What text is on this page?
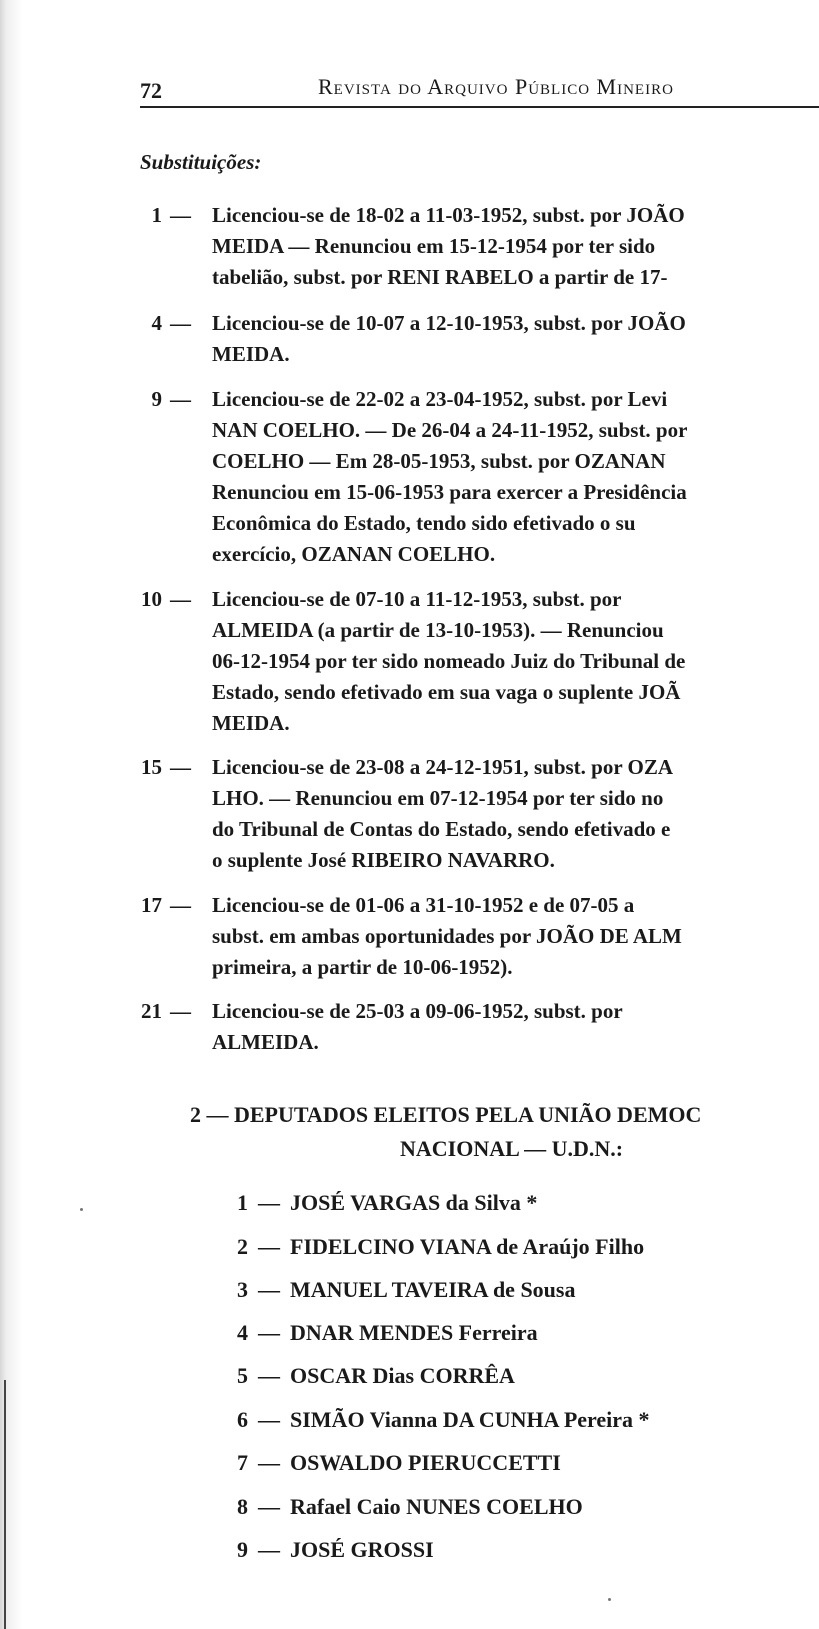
72	Revista do Arquivo Público Mineiro
Substituições:
1 — Licenciou-se de 18-02 a 11-03-1952, subst. por JOÃO
MEIDA — Renunciou em 15-12-1954 por ter sido
tabelião, subst. por RENI RABELO a partir de 17-
4 — Licenciou-se de 10-07 a 12-10-1953, subst. por JOÃO
MEIDA.
9 — Licenciou-se de 22-02 a 23-04-1952, subst. por Levi
NAN COELHO. — De 26-04 a 24-11-1952, subst. por
COELHO — Em 28-05-1953, subst. por OZANAN
Renunciou em 15-06-1953 para exercer a Presidência
Econômica do Estado, tendo sido efetivado o su
exercício, OZANAN COELHO.
10 — Licenciou-se de 07-10 a 11-12-1953, subst. por
ALMEIDA (a partir de 13-10-1953). — Renunciou
06-12-1954 por ter sido nomeado Juiz do Tribunal de
Estado, sendo efetivado em sua vaga o suplente JOÃ
MEIDA.
15 — Licenciou-se de 23-08 a 24-12-1951, subst. por OZA
LHO. — Renunciou em 07-12-1954 por ter sido no
do Tribunal de Contas do Estado, sendo efetivado e
o suplente José RIBEIRO NAVARRO.
17 — Licenciou-se de 01-06 a 31-10-1952 e de 07-05 a
subst. em ambas oportunidades por JOÃO DE ALM
primeira, a partir de 10-06-1952).
21 — Licenciou-se de 25-03 a 09-06-1952, subst. por
ALMEIDA.
2 — DEPUTADOS ELEITOS PELA UNIÃO DEMOC
NACIONAL — U.D.N.:
1 — JOSÉ VARGAS da Silva *
2 — FIDELCINO VIANA de Araújo Filho
3 — MANUEL TAVEIRA de Sousa
4 — DNAR MENDES Ferreira
5 — OSCAR Dias CORRÊA
6 — SIMÃO Vianna DA CUNHA Pereira *
7 — OSWALDO PIERUCCETTI
8 — Rafael Caio NUNES COELHO
9 — JOSÉ GROSSI
